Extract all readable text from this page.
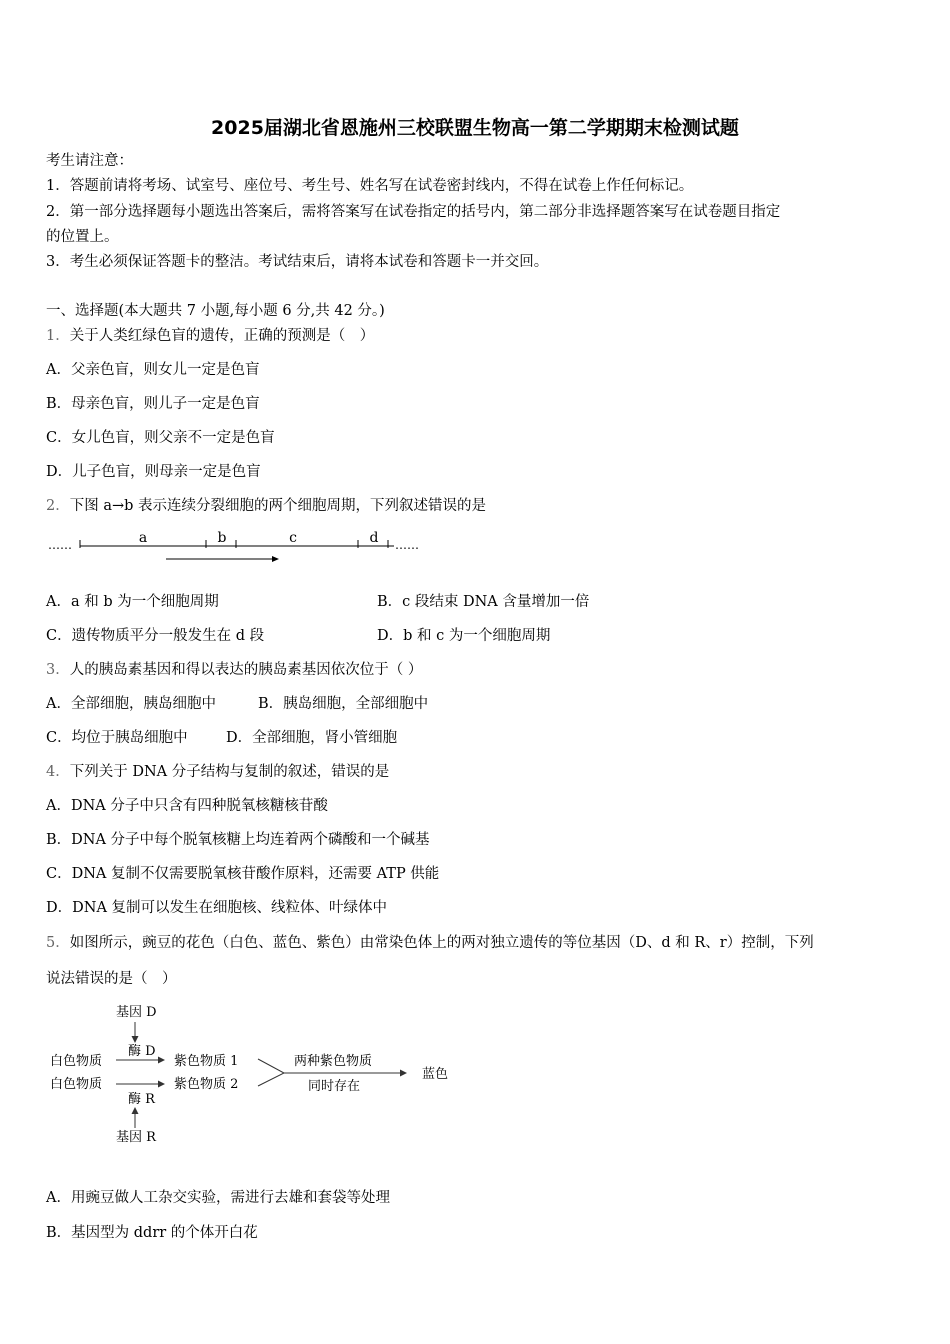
2025届湖北省恩施州三校联盟生物高一第二学期期末检测试题
考生请注意：
1．答题前请将考场、试室号、座位号、考生号、姓名写在试卷密封线内，不得在试卷上作任何标记。
2．第一部分选择题每小题选出答案后，需将答案写在试卷指定的括号内，第二部分非选择题答案写在试卷题目指定
的位置上。
3．考生必须保证答题卡的整洁。考试结束后，请将本试卷和答题卡一并交回。
一、选择题(本大题共 7 小题,每小题 6 分,共 42 分。)
1．关于人类红绿色盲的遗传，正确的预测是（　）
A．父亲色盲，则女儿一定是色盲
B．母亲色盲，则儿子一定是色盲
C．女儿色盲，则父亲不一定是色盲
D．儿子色盲，则母亲一定是色盲
2．下图 a→b 表示连续分裂细胞的两个细胞周期，下列叙述错误的是
……	a	b	c	d ……
A．a 和 b 为一个细胞周期	B．c 段结束 DNA 含量增加一倍
C．遗传物质平分一般发生在 d 段	D．b 和 c 为一个细胞周期
3．人的胰岛素基因和得以表达的胰岛素基因依次位于（ ）
A．全部细胞，胰岛细胞中	B．胰岛细胞，全部细胞中
C．均位于胰岛细胞中	D．全部细胞，肾小管细胞
4．下列关于 DNA 分子结构与复制的叙述，错误的是
A．DNA 分子中只含有四种脱氧核糖核苷酸
B．DNA 分子中每个脱氧核糖上均连着两个磷酸和一个碱基
C．DNA 复制不仅需要脱氧核苷酸作原料，还需要 ATP 供能
D．DNA 复制可以发生在细胞核、线粒体、叶绿体中
5．如图所示，豌豆的花色（白色、蓝色、紫色）由常染色体上的两对独立遗传的等位基因（D、d 和 R、r）控制，下列
说法错误的是（　）
基因 D
酶 D
白色物质	紫色物质 1
白色物质	紫色物质 2
两种紫色物质
同时存在
蓝色
酶 R
基因 R
A．用豌豆做人工杂交实验，需进行去雄和套袋等处理
B．基因型为 ddrr 的个体开白花
